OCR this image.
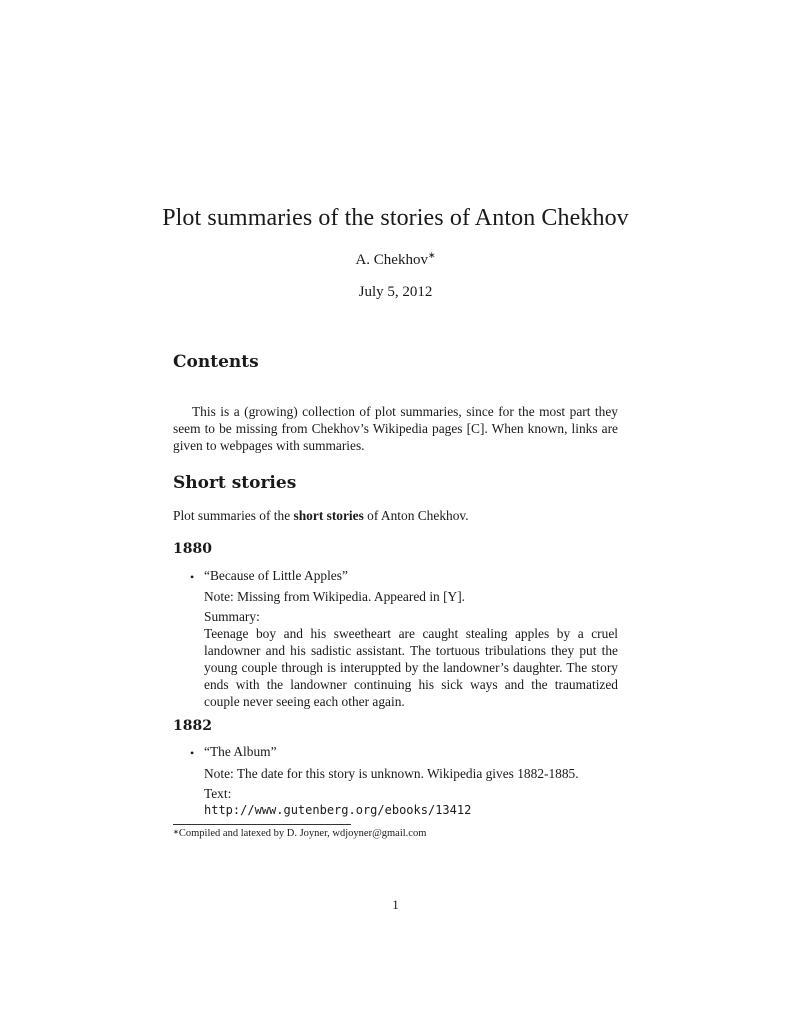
Plot summaries of the stories of Anton Chekhov
A. Chekhov∗
July 5, 2012
Contents
This is a (growing) collection of plot summaries, since for the most part they seem to be missing from Chekhov’s Wikipedia pages [C]. When known, links are given to webpages with summaries.
Short stories
Plot summaries of the short stories of Anton Chekhov.
1880
• “Because of Little Apples”
Note: Missing from Wikipedia. Appeared in [Y].
Summary:
Teenage boy and his sweetheart are caught stealing apples by a cruel landowner and his sadistic assistant. The tortuous tribulations they put the young couple through is interuppted by the landowner’s daughter. The story ends with the landowner continuing his sick ways and the traumatized couple never seeing each other again.
1882
• “The Album”
Note: The date for this story is unknown. Wikipedia gives 1882-1885.
Text:
http://www.gutenberg.org/ebooks/13412
∗Compiled and latexed by D. Joyner, wdjoyner@gmail.com
1
